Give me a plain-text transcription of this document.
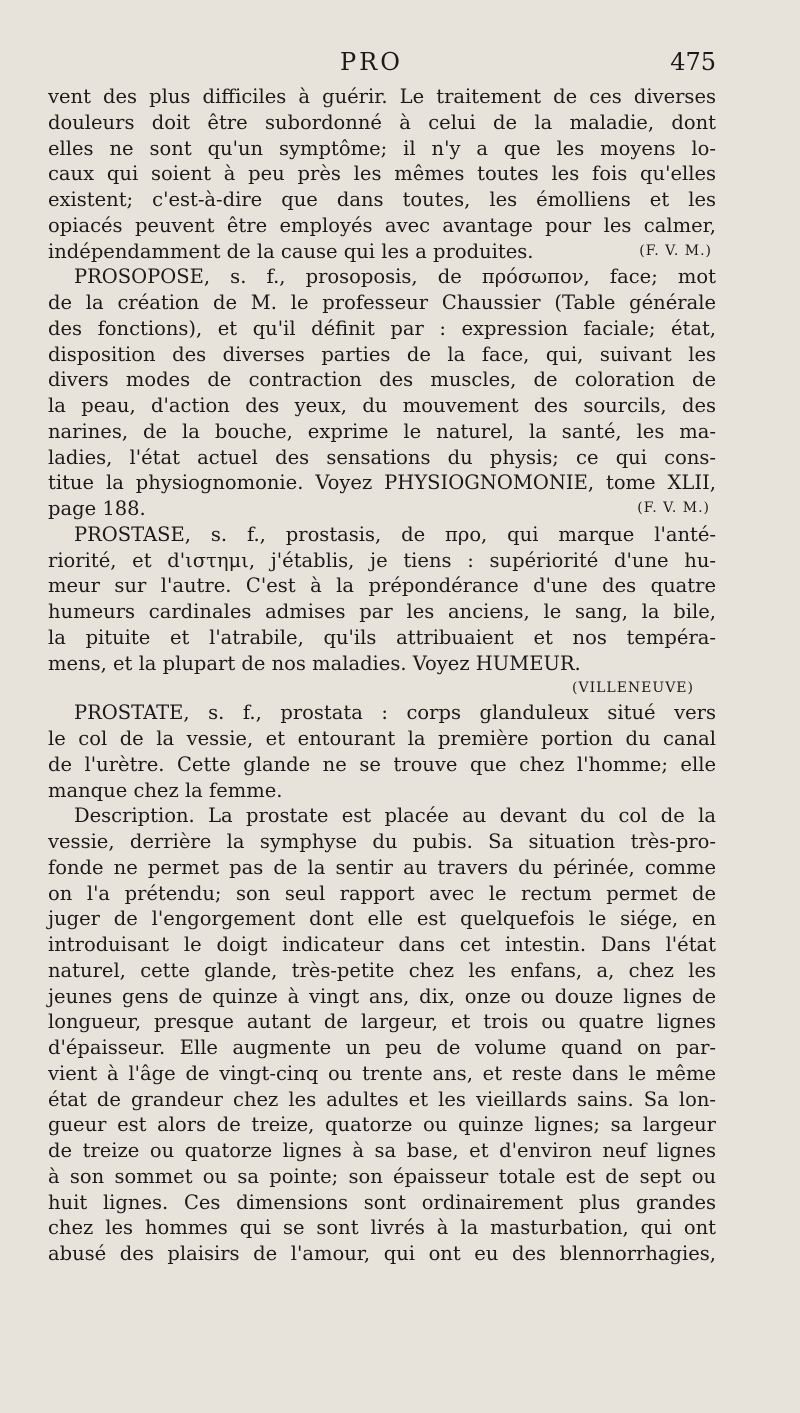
PRO	475
vent des plus difficiles à guérir. Le traitement de ces diverses
douleurs doit être subordonné à celui de la maladie, dont
elles ne sont qu'un symptôme; il n'y a que les moyens lo-
caux qui soient à peu près les mêmes toutes les fois qu'elles
existent; c'est-à-dire que dans toutes, les émolliens et les
opiacés peuvent être employés avec avantage pour les calmer,
indépendamment de la cause qui les a produites.	(F. V. M.)
PROSOPOSE, s. f., prosoposis, de πρόσωπον, face; mot
de la création de M. le professeur Chaussier (Table générale
des fonctions), et qu'il définit par : expression faciale; état,
disposition des diverses parties de la face, qui, suivant les
divers modes de contraction des muscles, de coloration de
la peau, d'action des yeux, du mouvement des sourcils, des
narines, de la bouche, exprime le naturel, la santé, les ma-
ladies, l'état actuel des sensations du physis; ce qui cons-
titue la physiognomonie. Voyez PHYSIOGNOMONIE, tome XLII,
page 188.	(F. V. M.)
PROSTASE, s. f., prostasis, de προ, qui marque l'anté-
riorité, et d'ιστημι, j'établis, je tiens : supériorité d'une hu-
meur sur l'autre. C'est à la prépondérance d'une des quatre
humeurs cardinales admises par les anciens, le sang, la bile,
la pituite et l'atrabile, qu'ils attribuaient et nos tempéra-
mens, et la plupart de nos maladies. Voyez HUMEUR.
(VILLENEUVE)
PROSTATE, s. f., prostata : corps glanduleux situé vers
le col de la vessie, et entourant la première portion du canal
de l'urètre. Cette glande ne se trouve que chez l'homme; elle
manque chez la femme.
Description. La prostate est placée au devant du col de la
vessie, derrière la symphyse du pubis. Sa situation très-pro-
fonde ne permet pas de la sentir au travers du périnée, comme
on l'a prétendu; son seul rapport avec le rectum permet de
juger de l'engorgement dont elle est quelquefois le siége, en
introduisant le doigt indicateur dans cet intestin. Dans l'état
naturel, cette glande, très-petite chez les enfans, a, chez les
jeunes gens de quinze à vingt ans, dix, onze ou douze lignes de
longueur, presque autant de largeur, et trois ou quatre lignes
d'épaisseur. Elle augmente un peu de volume quand on par-
vient à l'âge de vingt-cinq ou trente ans, et reste dans le même
état de grandeur chez les adultes et les vieillards sains. Sa lon-
gueur est alors de treize, quatorze ou quinze lignes; sa largeur
de treize ou quatorze lignes à sa base, et d'environ neuf lignes
à son sommet ou sa pointe; son épaisseur totale est de sept ou
huit lignes. Ces dimensions sont ordinairement plus grandes
chez les hommes qui se sont livrés à la masturbation, qui ont
abusé des plaisirs de l'amour, qui ont eu des blennorrhagies,
